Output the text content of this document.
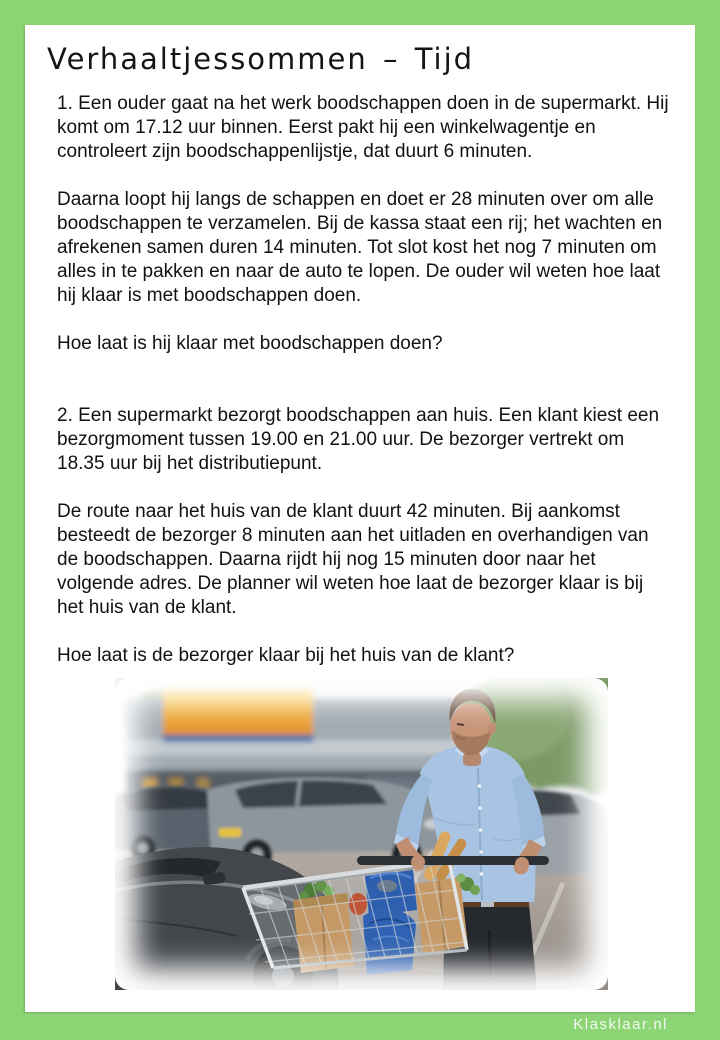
Verhaaltjessommen – Tijd

1. Een ouder gaat na het werk boodschappen doen in de supermarkt. Hij komt om 17.12 uur binnen. Eerst pakt hij een winkelwagentje en controleert zijn boodschappenlijstje, dat duurt 6 minuten.

Daarna loopt hij langs de schappen en doet er 28 minuten over om alle boodschappen te verzamelen. Bij de kassa staat een rij; het wachten en afrekenen samen duren 14 minuten. Tot slot kost het nog 7 minuten om alles in te pakken en naar de auto te lopen. De ouder wil weten hoe laat hij klaar is met boodschappen doen.

Hoe laat is hij klaar met boodschappen doen?

2. Een supermarkt bezorgt boodschappen aan huis. Een klant kiest een bezorgmoment tussen 19.00 en 21.00 uur. De bezorger vertrekt om 18.35 uur bij het distributiepunt.

De route naar het huis van de klant duurt 42 minuten. Bij aankomst besteedt de bezorger 8 minuten aan het uitladen en overhandigen van de boodschappen. Daarna rijdt hij nog 15 minuten door naar het volgende adres. De planner wil weten hoe laat de bezorger klaar is bij het huis van de klant.

Hoe laat is de bezorger klaar bij het huis van de klant?

Klasklaar.nl
